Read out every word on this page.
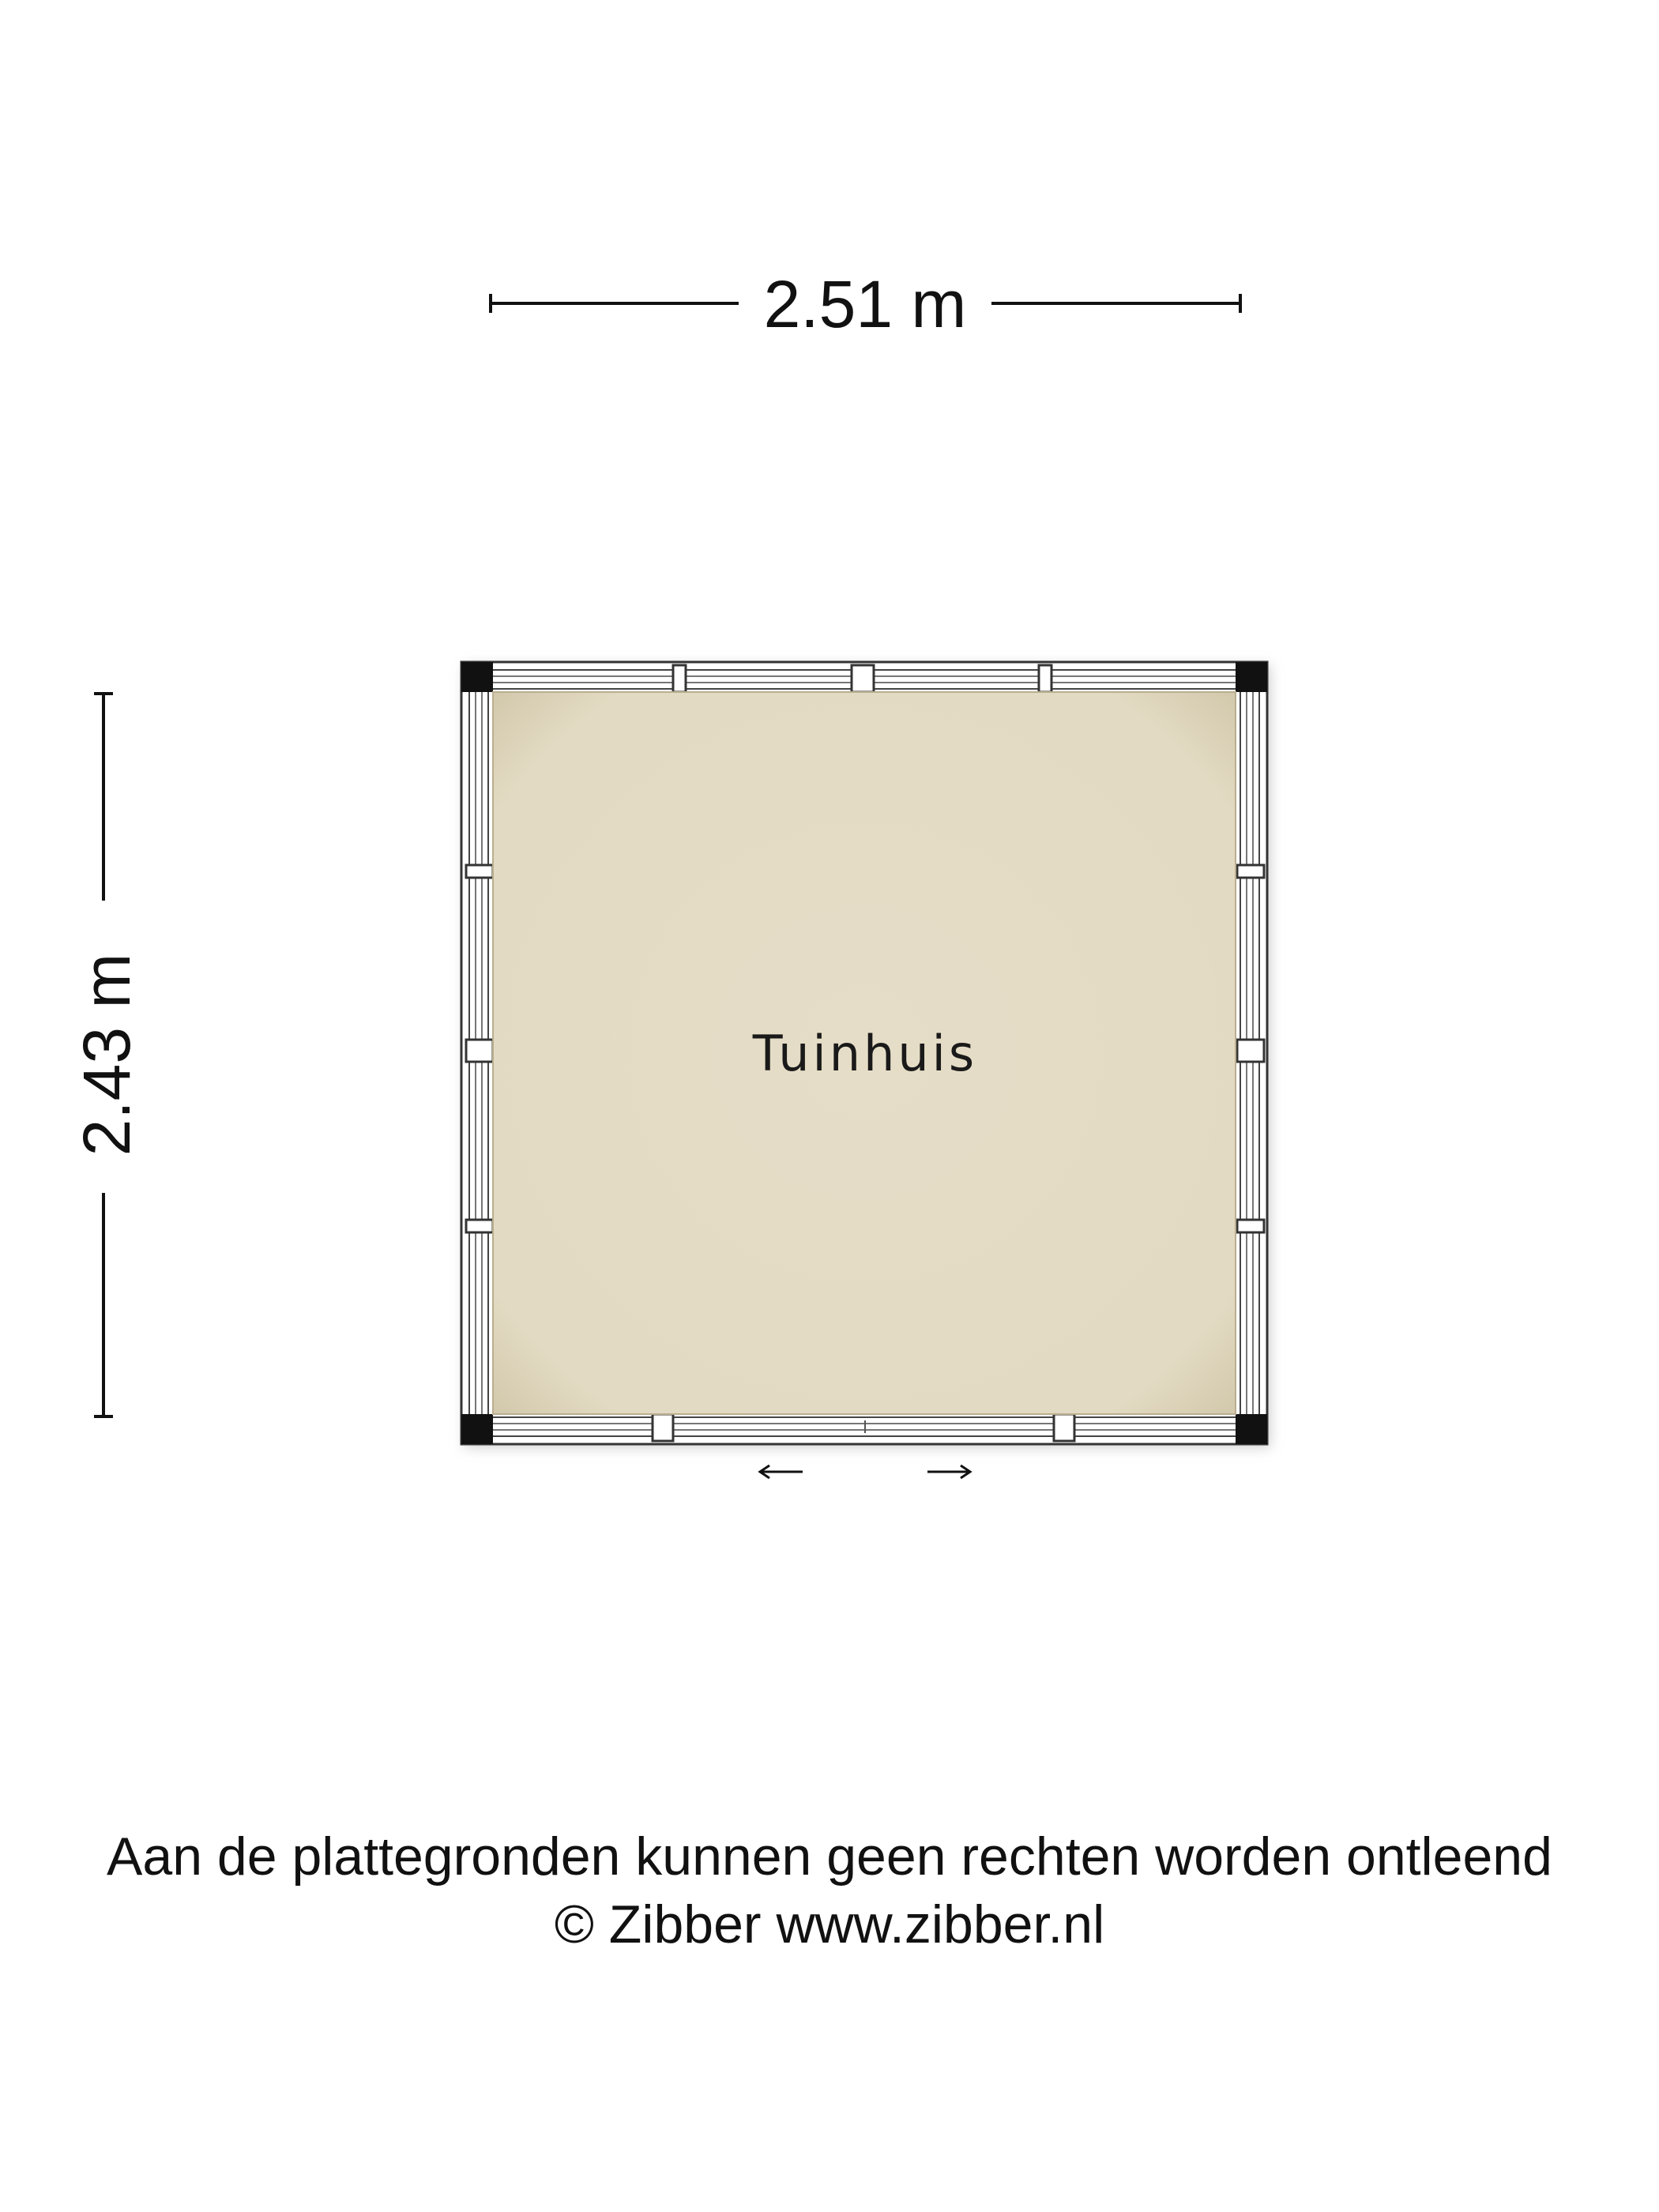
2.51 m
2.43 m	Tuinhuis
Aan de plattegronden kunnen geen rechten worden ontleend
© Zibber www.zibber.nl
